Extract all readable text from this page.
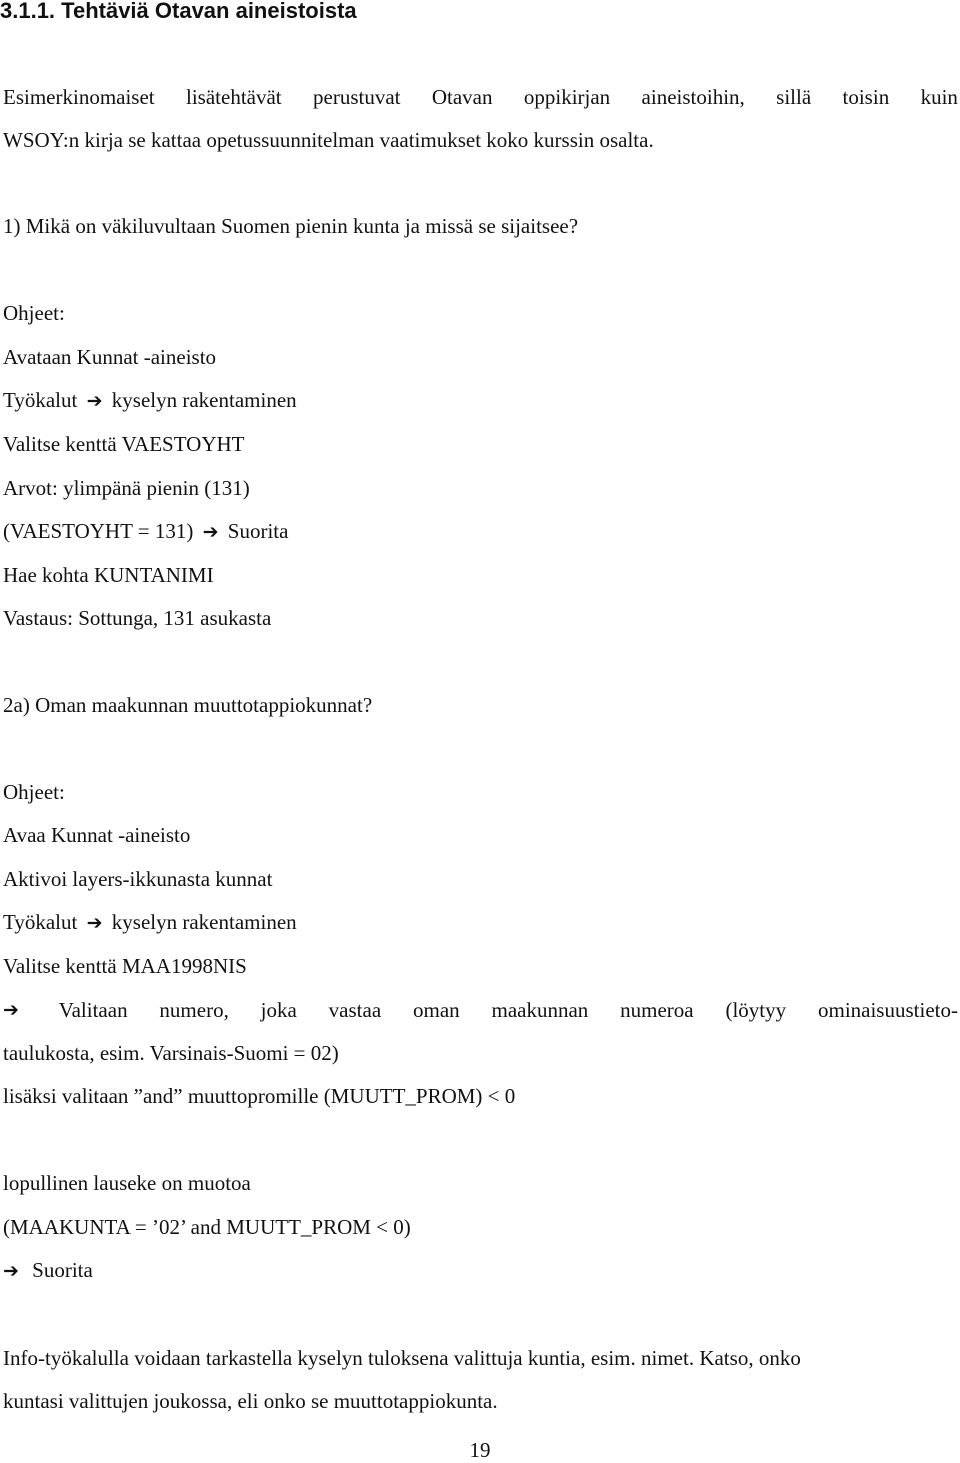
3.1.1. Tehtäviä Otavan aineistoista
Esimerkinomaiset lisätehtävät perustuvat Otavan oppikirjan aineistoihin, sillä toisin kuin
WSOY:n kirja se kattaa opetussuunnitelman vaatimukset koko kurssin osalta.
1) Mikä on väkiluvultaan Suomen pienin kunta ja missä se sijaitsee?
Ohjeet:
Avataan Kunnat -aineisto
Työkalut ➔ kyselyn rakentaminen
Valitse kenttä VAESTOYHT
Arvot: ylimpänä pienin (131)
(VAESTOYHT = 131) ➔ Suorita
Hae kohta KUNTANIMI
Vastaus: Sottunga, 131 asukasta
2a) Oman maakunnan muuttotappiokunnat?
Ohjeet:
Avaa Kunnat -aineisto
Aktivoi layers-ikkunasta kunnat
Työkalut ➔ kyselyn rakentaminen
Valitse kenttä MAA1998NIS
➔ Valitaan numero, joka vastaa oman maakunnan numeroa (löytyy ominaisuustieto-
taulukosta, esim. Varsinais-Suomi = 02)
lisäksi valitaan ”and” muuttopromille (MUUTT_PROM) < 0
lopullinen lauseke on muotoa
(MAAKUNTA = ’02’ and MUUTT_PROM < 0)
➔ Suorita
Info-työkalulla voidaan tarkastella kyselyn tuloksena valittuja kuntia, esim. nimet. Katso, onko
kuntasi valittujen joukossa, eli onko se muuttotappiokunta.
19
